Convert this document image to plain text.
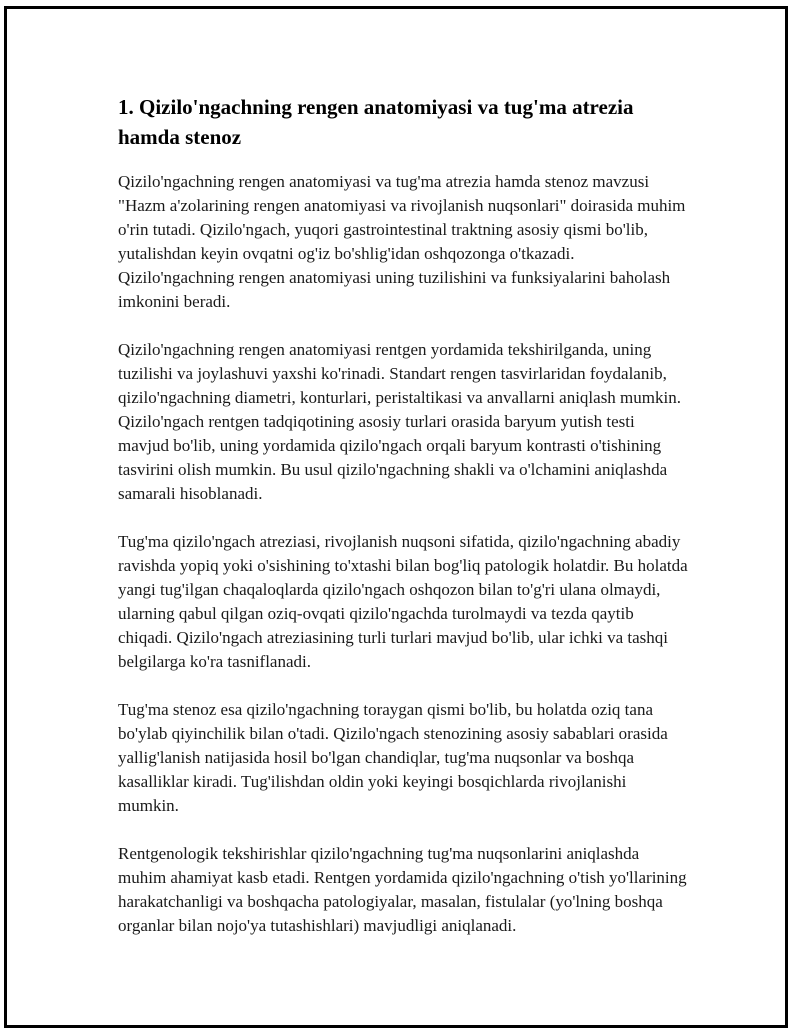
1. Qizilo'ngachning rengen anatomiyasi va tug'ma atrezia hamda stenoz

Qizilo'ngachning rengen anatomiyasi va tug'ma atrezia hamda stenoz mavzusi "Hazm a'zolarining rengen anatomiyasi va rivojlanish nuqsonlari" doirasida muhim o'rin tutadi. Qizilo'ngach, yuqori gastrointestinal traktning asosiy qismi bo'lib, yutalishdan keyin ovqatni og'iz bo'shlig'idan oshqozonga o'tkazadi. Qizilo'ngachning rengen anatomiyasi uning tuzilishini va funksiyalarini baholash imkonini beradi.

Qizilo'ngachning rengen anatomiyasi rentgen yordamida tekshirilganda, uning tuzilishi va joylashuvi yaxshi ko'rinadi. Standart rengen tasvirlaridan foydalanib, qizilo'ngachning diametri, konturlari, peristaltikasi va anvallarni aniqlash mumkin. Qizilo'ngach rentgen tadqiqotining asosiy turlari orasida baryum yutish testi mavjud bo'lib, uning yordamida qizilo'ngach orqali baryum kontrasti o'tishining tasvirini olish mumkin. Bu usul qizilo'ngachning shakli va o'lchamini aniqlashda samarali hisoblanadi.

Tug'ma qizilo'ngach atreziasi, rivojlanish nuqsoni sifatida, qizilo'ngachning abadiy ravishda yopiq yoki o'sishining to'xtashi bilan bog'liq patologik holatdir. Bu holatda yangi tug'ilgan chaqaloqlarda qizilo'ngach oshqozon bilan to'g'ri ulana olmaydi, ularning qabul qilgan oziq-ovqati qizilo'ngachda turolmaydi va tezda qaytib chiqadi. Qizilo'ngach atreziasining turli turlari mavjud bo'lib, ular ichki va tashqi belgilarga ko'ra tasniflanadi.

Tug'ma stenoz esa qizilo'ngachning toraygan qismi bo'lib, bu holatda oziq tana bo'ylab qiyinchilik bilan o'tadi. Qizilo'ngach stenozining asosiy sabablari orasida yallig'lanish natijasida hosil bo'lgan chandiqlar, tug'ma nuqsonlar va boshqa kasalliklar kiradi. Tug'ilishdan oldin yoki keyingi bosqichlarda rivojlanishi mumkin.

Rentgenologik tekshirishlar qizilo'ngachning tug'ma nuqsonlarini aniqlashda muhim ahamiyat kasb etadi. Rentgen yordamida qizilo'ngachning o'tish yo'llarining harakatchanligi va boshqacha patologiyalar, masalan, fistulalar (yo'lning boshqa organlar bilan nojo'ya tutashishlari) mavjudligi aniqlanadi.
